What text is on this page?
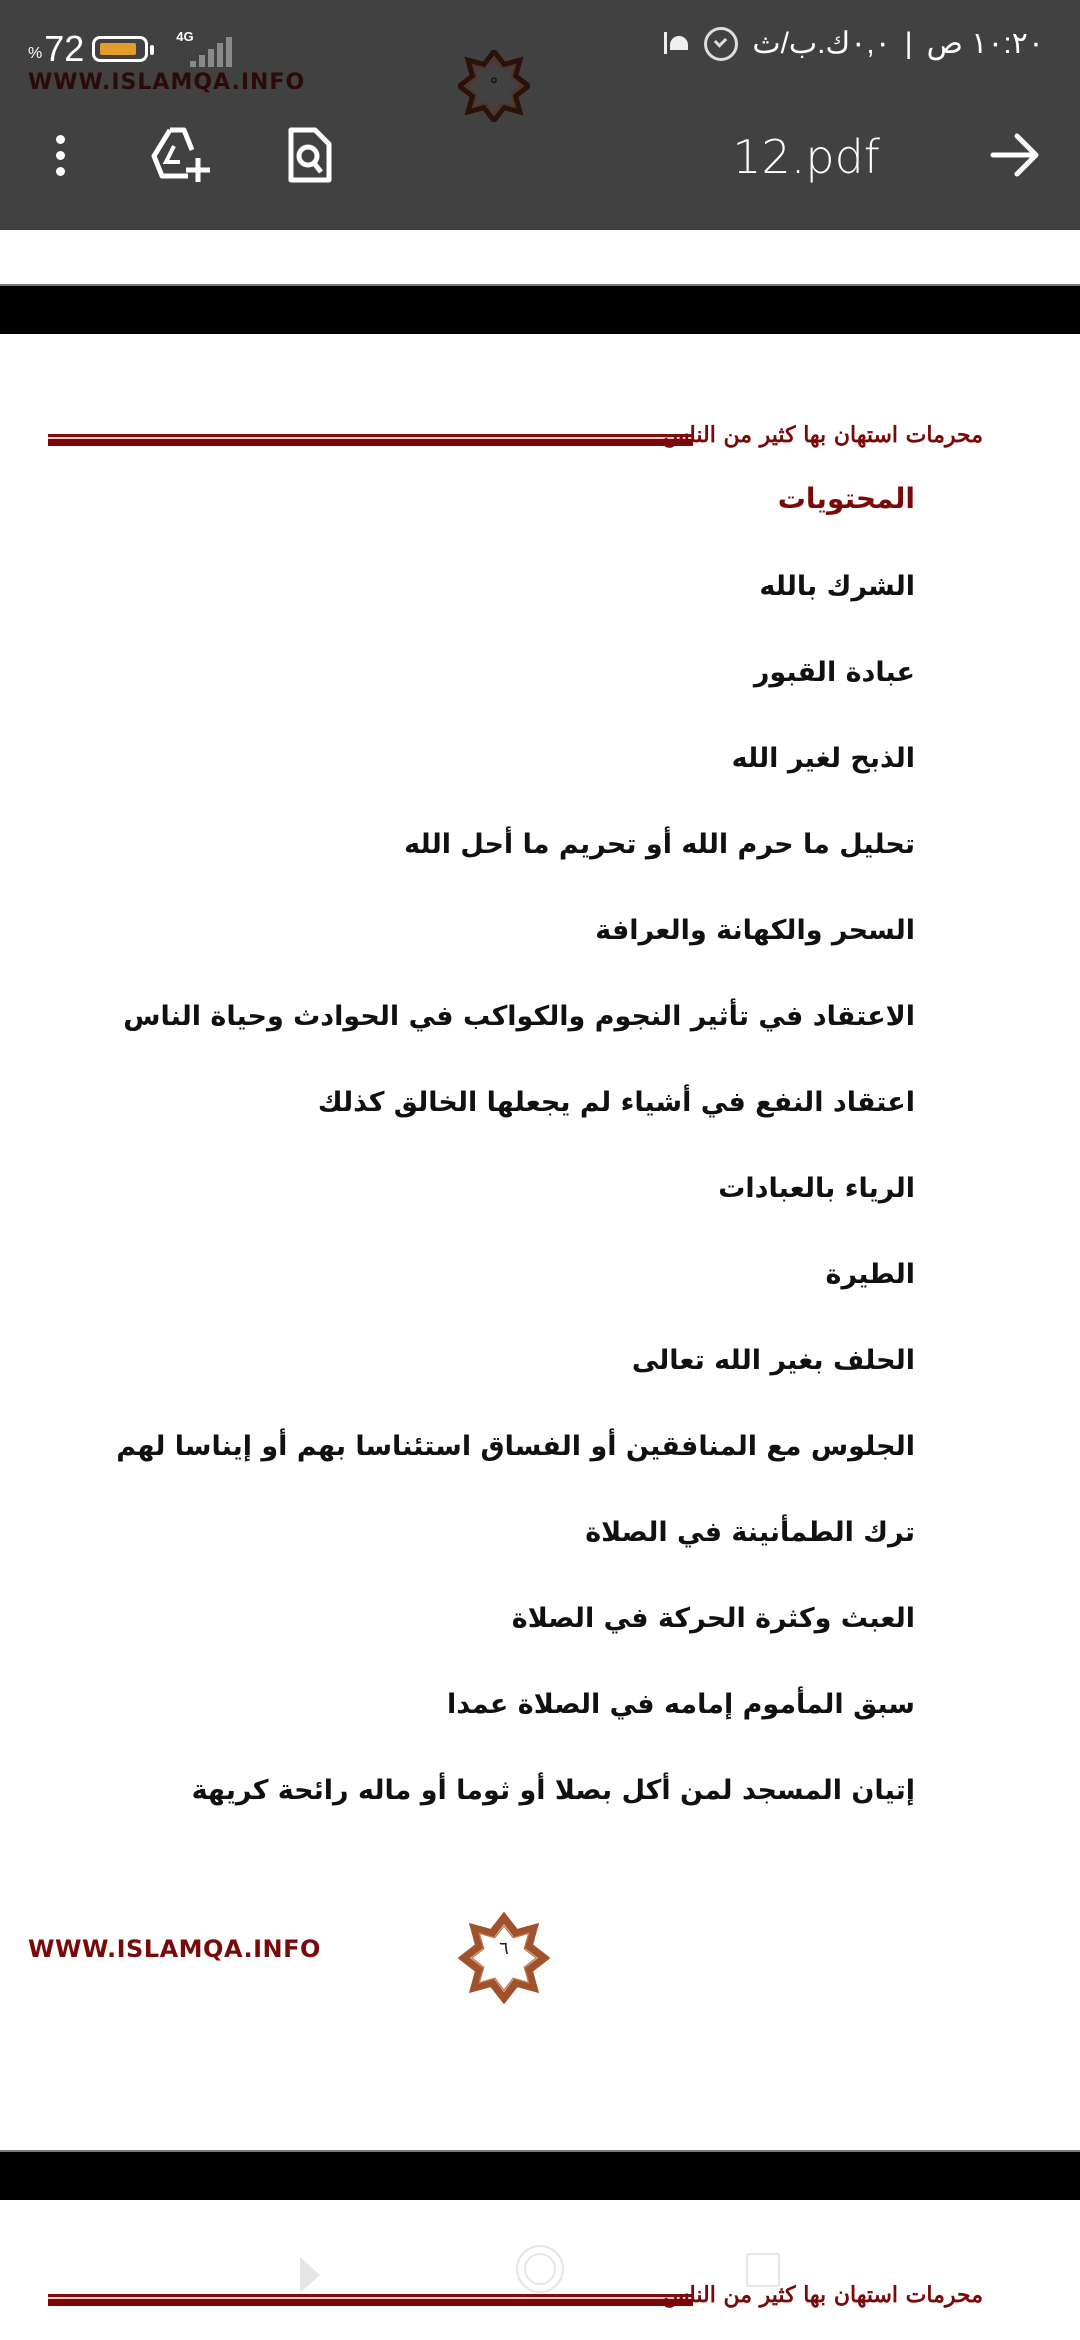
WWW.ISLAMQA.INFO
% 72	4G	١٠:٢٠ ص
|
٠,٠ك.ب/ث
12.pdf
محرمات استهان بها كثير من الناس
المحتويات
الشرك بالله
عبادة القبور
الذبح لغير الله
تحليل ما حرم الله أو تحريم ما أحل الله
السحر والكهانة والعرافة
الاعتقاد في تأثير النجوم والكواكب في الحوادث وحياة الناس
اعتقاد النفع في أشياء لم يجعلها الخالق كذلك
الرياء بالعبادات
الطيرة
الحلف بغير الله تعالى
الجلوس مع المنافقين أو الفساق استئناسا بهم أو إيناسا لهم
ترك الطمأنينة في الصلاة
العبث وكثرة الحركة في الصلاة
سبق المأموم إمامه في الصلاة عمدا
إتيان المسجد لمن أكل بصلا أو ثوما أو ماله رائحة كريهة
WWW.ISLAMQA.INFO	٦
محرمات استهان بها كثير من الناس
